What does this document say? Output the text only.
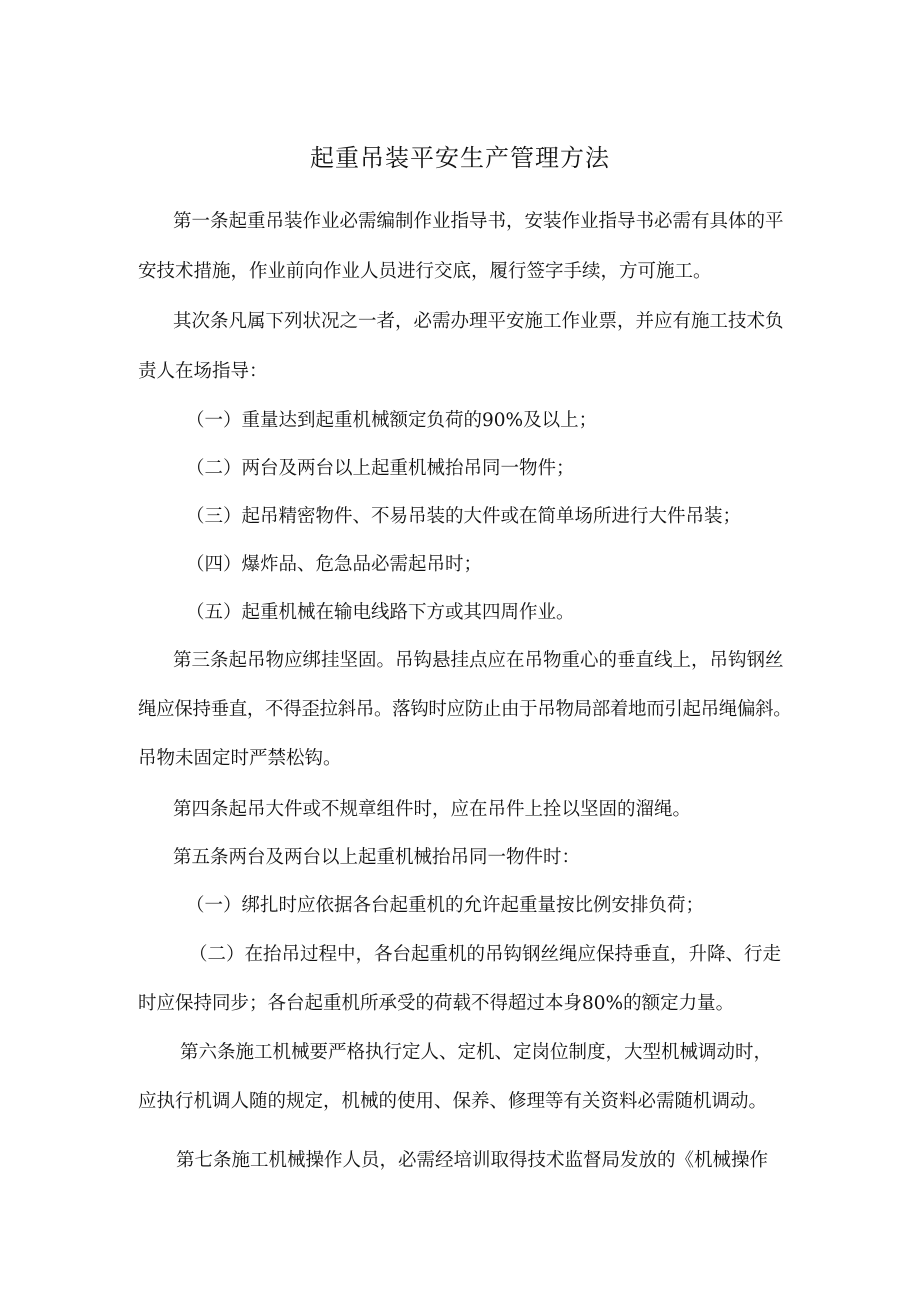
起重吊装平安生产管理方法
第一条起重吊装作业必需编制作业指导书，安装作业指导书必需有具体的平
安技术措施，作业前向作业人员进行交底，履行签字手续，方可施工。
其次条凡属下列状况之一者，必需办理平安施工作业票，并应有施工技术负
责人在场指导：
（一）重量达到起重机械额定负荷的90%及以上；
（二）两台及两台以上起重机械抬吊同一物件；
（三）起吊精密物件、不易吊装的大件或在简单场所进行大件吊装；
（四）爆炸品、危急品必需起吊时；
（五）起重机械在输电线路下方或其四周作业。
第三条起吊物应绑挂坚固。吊钩悬挂点应在吊物重心的垂直线上，吊钩钢丝
绳应保持垂直，不得歪拉斜吊。落钩时应防止由于吊物局部着地而引起吊绳偏斜。
吊物未固定时严禁松钩。
第四条起吊大件或不规章组件时，应在吊件上拴以坚固的溜绳。
第五条两台及两台以上起重机械抬吊同一物件时：
（一）绑扎时应依据各台起重机的允许起重量按比例安排负荷；
（二）在抬吊过程中，各台起重机的吊钩钢丝绳应保持垂直，升降、行走
时应保持同步；各台起重机所承受的荷载不得超过本身80%的额定力量。
第六条施工机械要严格执行定人、定机、定岗位制度，大型机械调动时，
应执行机调人随的规定，机械的使用、保养、修理等有关资料必需随机调动。
第七条施工机械操作人员，必需经培训取得技术监督局发放的《机械操作
